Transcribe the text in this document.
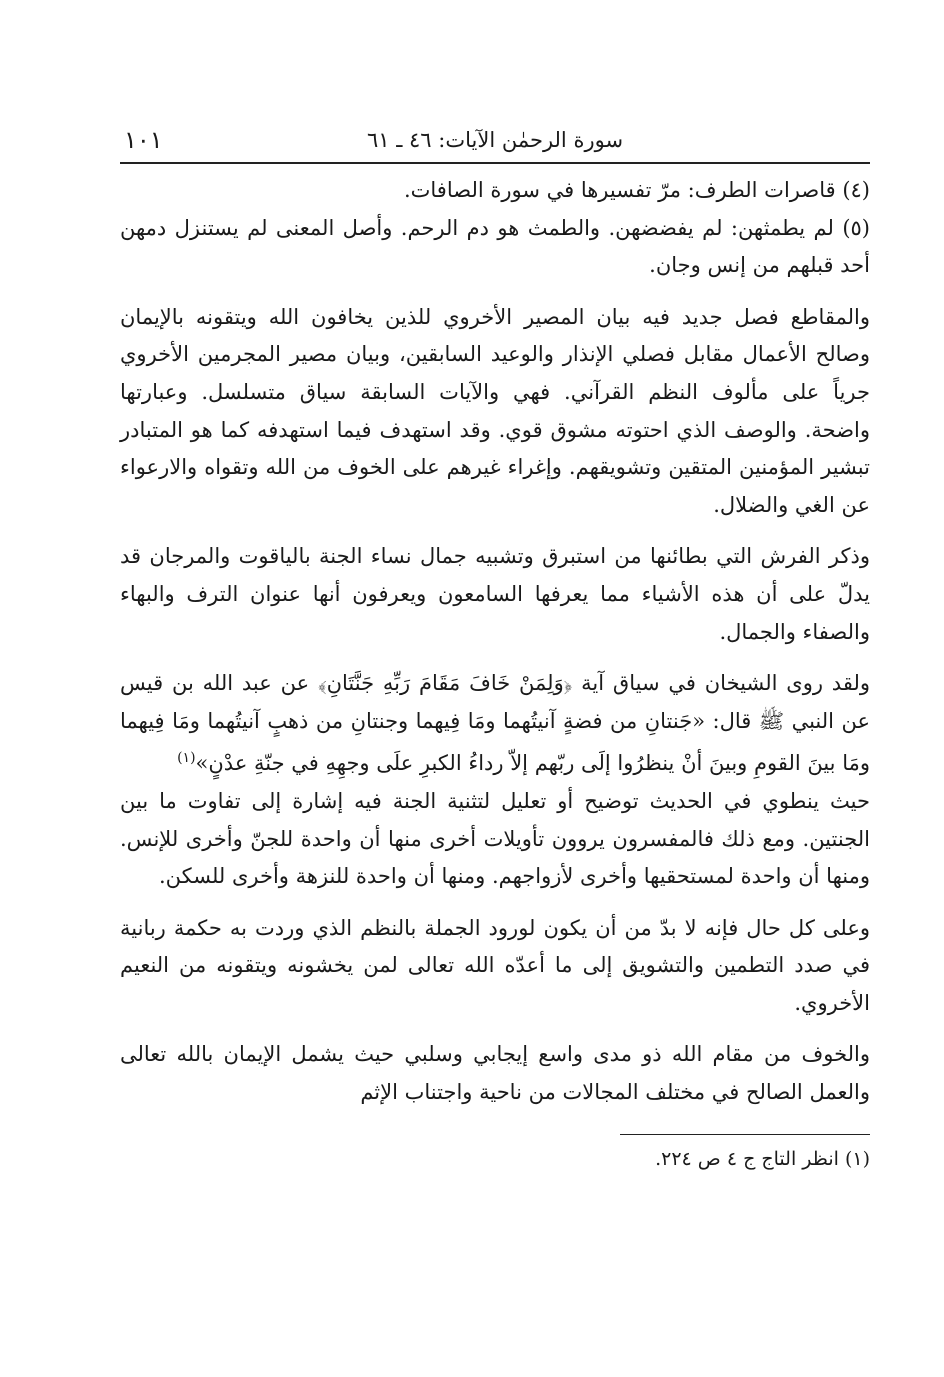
سورة الرحمٰن الآيات: ٤٦ ـ ٦١
١٠١

(٤) قاصرات الطرف: مرّ تفسيرها في سورة الصافات.

(٥) لم يطمثهن: لم يفضضهن. والطمث هو دم الرحم. وأصل المعنى لم يستنزل دمهن أحد قبلهم من إنس وجان.

والمقاطع فصل جديد فيه بيان المصير الأخروي للذين يخافون الله ويتقونه بالإيمان وصالح الأعمال مقابل فصلي الإنذار والوعيد السابقين، وبيان مصير المجرمين الأخروي جرياً على مألوف النظم القرآني. فهي والآيات السابقة سياق متسلسل. وعبارتها واضحة. والوصف الذي احتوته مشوق قوي. وقد استهدف فيما استهدفه كما هو المتبادر تبشير المؤمنين المتقين وتشويقهم. وإغراء غيرهم على الخوف من الله وتقواه والارعواء عن الغي والضلال.

وذكر الفرش التي بطائنها من استبرق وتشبيه جمال نساء الجنة بالياقوت والمرجان قد يدلّ على أن هذه الأشياء مما يعرفها السامعون ويعرفون أنها عنوان الترف والبهاء والصفاء والجمال.

ولقد روى الشيخان في سياق آية ﴿وَلِمَنْ خَافَ مَقَامَ رَبِّهِ جَنَّتَانِ﴾ عن عبد الله بن قيس عن النبي ﷺ قال: «جَنتانِ من فضةٍ آنيتُهما ومَا فِيهما وجنتانِ من ذهبٍ آنيتُهما ومَا فِيهما ومَا بينَ القومِ وبينَ أنْ ينظرُوا إلَى ربّهم إلاّ رداءُ الكبرِ علَى وجهِهِ في جنّةِ عدْنٍ»$^{(١)}$

حيث ينطوي في الحديث توضيح أو تعليل لتثنية الجنة فيه إشارة إلى تفاوت ما بين الجنتين. ومع ذلك فالمفسرون يروون تأويلات أخرى منها أن واحدة للجنّ وأخرى للإنس. ومنها أن واحدة لمستحقيها وأخرى لأزواجهم. ومنها أن واحدة للنزهة وأخرى للسكن.

وعلى كل حال فإنه لا بدّ من أن يكون لورود الجملة بالنظم الذي وردت به حكمة ربانية في صدد التطمين والتشويق إلى ما أعدّه الله تعالى لمن يخشونه ويتقونه من النعيم الأخروي.

والخوف من مقام الله ذو مدى واسع إيجابي وسلبي حيث يشمل الإيمان بالله تعالى والعمل الصالح في مختلف المجالات من ناحية واجتناب الإثم

(١) انظر التاج ج ٤ ص ٢٢٤.
